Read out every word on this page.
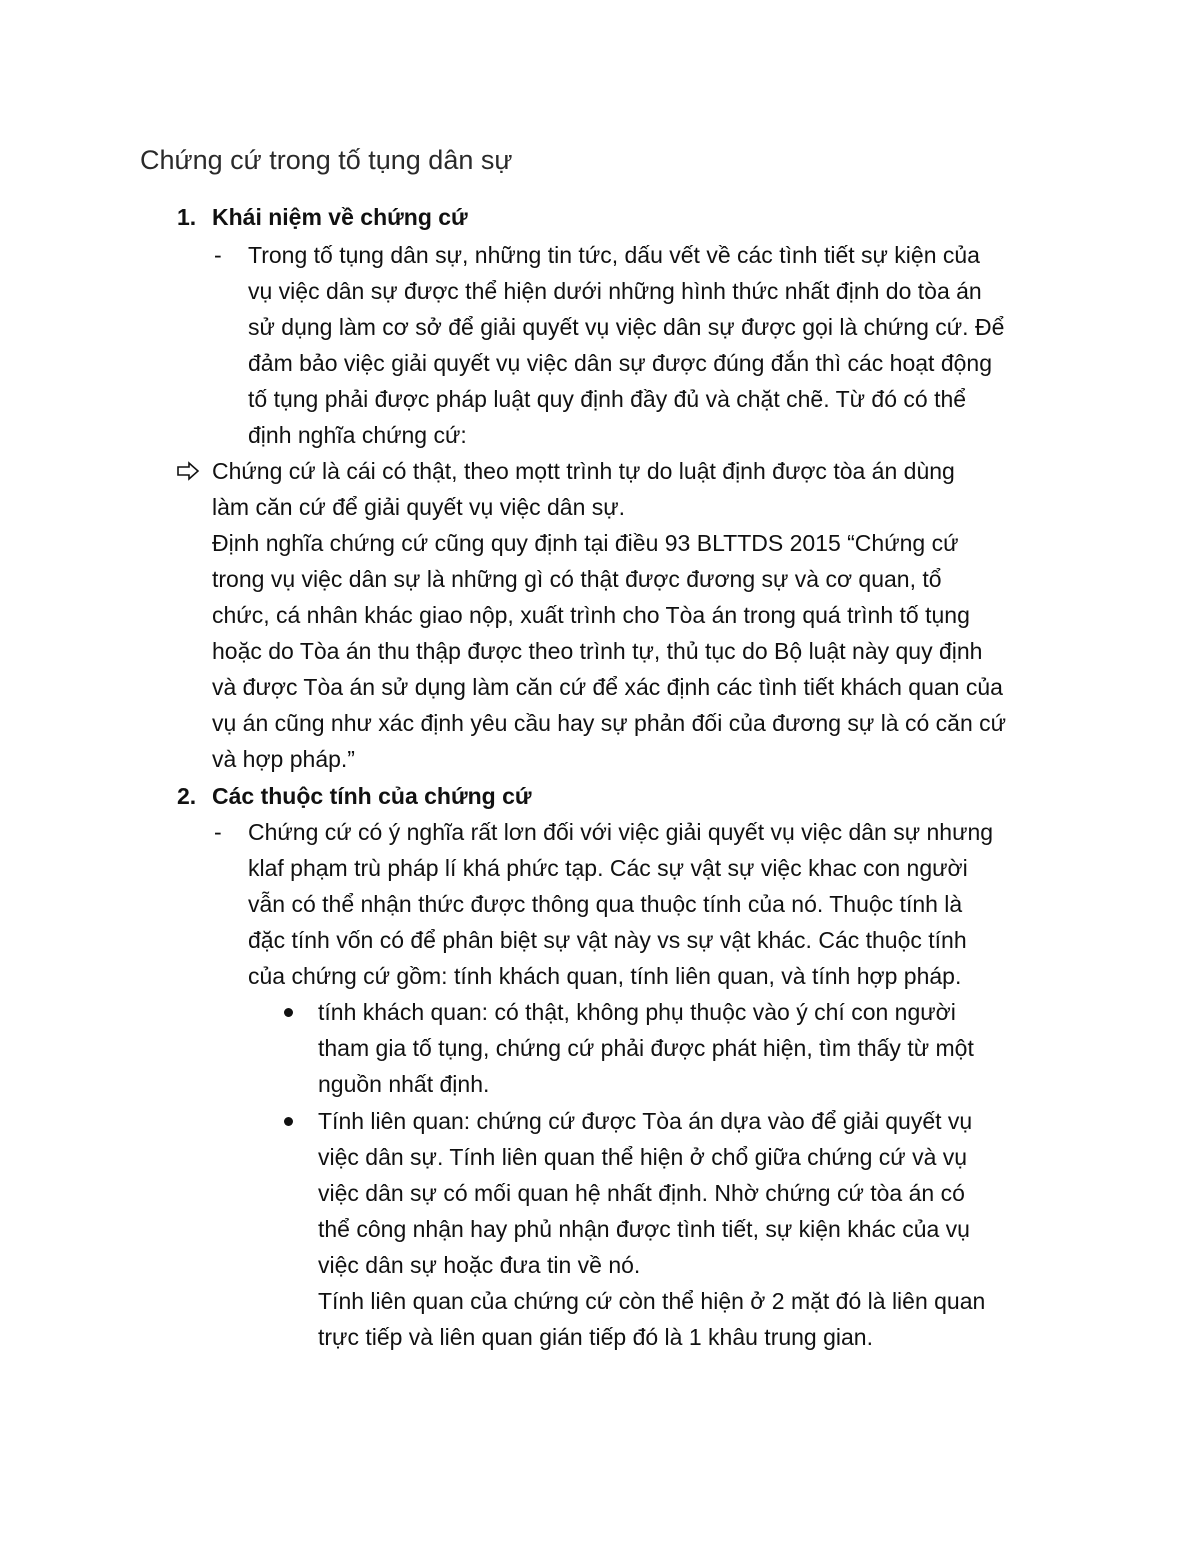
Chứng cứ trong tố tụng dân sự
1. Khái niệm về chứng cứ
- Trong tố tụng dân sự, những tin tức, dấu vết về các tình tiết sự kiện của
vụ việc dân sự được thể hiện dưới những hình thức nhất định do tòa án
sử dụng làm cơ sở để giải quyết vụ việc dân sự được gọi là chứng cứ. Để
đảm bảo việc giải quyết vụ việc dân sự được đúng đắn thì các hoạt động
tố tụng phải được pháp luật quy định đầy đủ và chặt chẽ. Từ đó có thể
định nghĩa chứng cứ:
Chứng cứ là cái có thật, theo mọtt trình tự do luật định được tòa án dùng
làm căn cứ để giải quyết vụ việc dân sự.
Định nghĩa chứng cứ cũng quy định tại điều 93 BLTTDS 2015 “Chứng cứ
trong vụ việc dân sự là những gì có thật được đương sự và cơ quan, tổ
chức, cá nhân khác giao nộp, xuất trình cho Tòa án trong quá trình tố tụng
hoặc do Tòa án thu thập được theo trình tự, thủ tục do Bộ luật này quy định
và được Tòa án sử dụng làm căn cứ để xác định các tình tiết khách quan của
vụ án cũng như xác định yêu cầu hay sự phản đối của đương sự là có căn cứ
và hợp pháp.”
2. Các thuộc tính của chứng cứ
- Chứng cứ có ý nghĩa rất lơn đối với việc giải quyết vụ việc dân sự nhưng
klaf phạm trù pháp lí khá phức tạp. Các sự vật sự việc khac con người
vẫn có thể nhận thức được thông qua thuộc tính của nó. Thuộc tính là
đặc tính vốn có để phân biệt sự vật này vs sự vật khác. Các thuộc tính
của chứng cứ gồm: tính khách quan, tính liên quan, và tính hợp pháp.
tính khách quan: có thật, không phụ thuộc vào ý chí con người
tham gia tố tụng, chứng cứ phải được phát hiện, tìm thấy từ một
nguồn nhất định.
Tính liên quan: chứng cứ được Tòa án dựa vào để giải quyết vụ
việc dân sự. Tính liên quan thể hiện ở chổ giữa chứng cứ và vụ
việc dân sự có mối quan hệ nhất định. Nhờ chứng cứ tòa án có
thể công nhận hay phủ nhận được tình tiết, sự kiện khác của vụ
việc dân sự hoặc đưa tin về nó.
Tính liên quan của chứng cứ còn thể hiện ở 2 mặt đó là liên quan
trực tiếp và liên quan gián tiếp đó là 1 khâu trung gian.
